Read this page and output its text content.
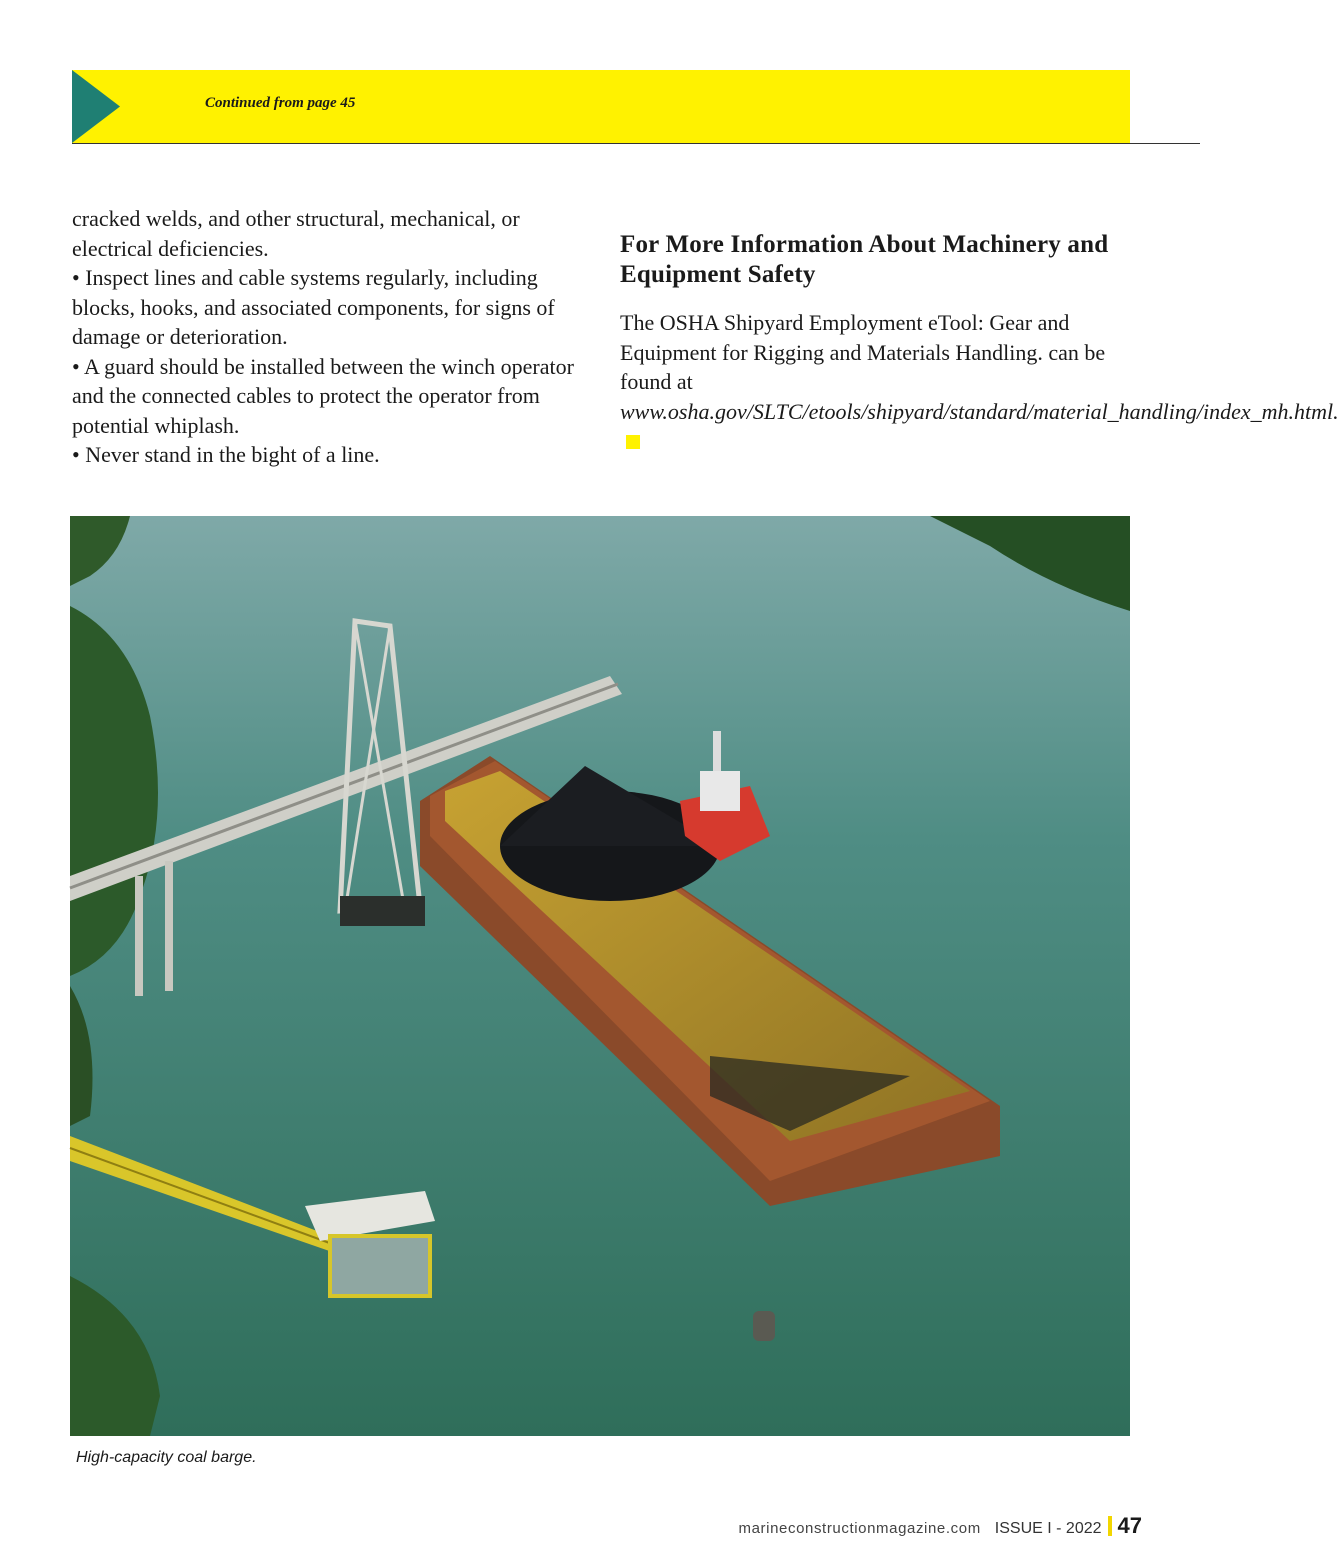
Continued from page 45

cracked welds, and other structural, mechanical, or electrical deficiencies.

• Inspect lines and cable systems regularly, including blocks, hooks, and associated components, for signs of damage or deterioration.

• A guard should be installed between the winch operator and the connected cables to protect the operator from potential whiplash.

• Never stand in the bight of a line.

For More Information About Machinery and Equipment Safety

The OSHA Shipyard Employment eTool: Gear and Equipment for Rigging and Materials Handling. can be found at www.osha.gov/SLTC/etools/shipyard/standard/material_handling/index_mh.html.

High-capacity coal barge.
marineconstructionmagazine.com ISSUE I - 2022 47
